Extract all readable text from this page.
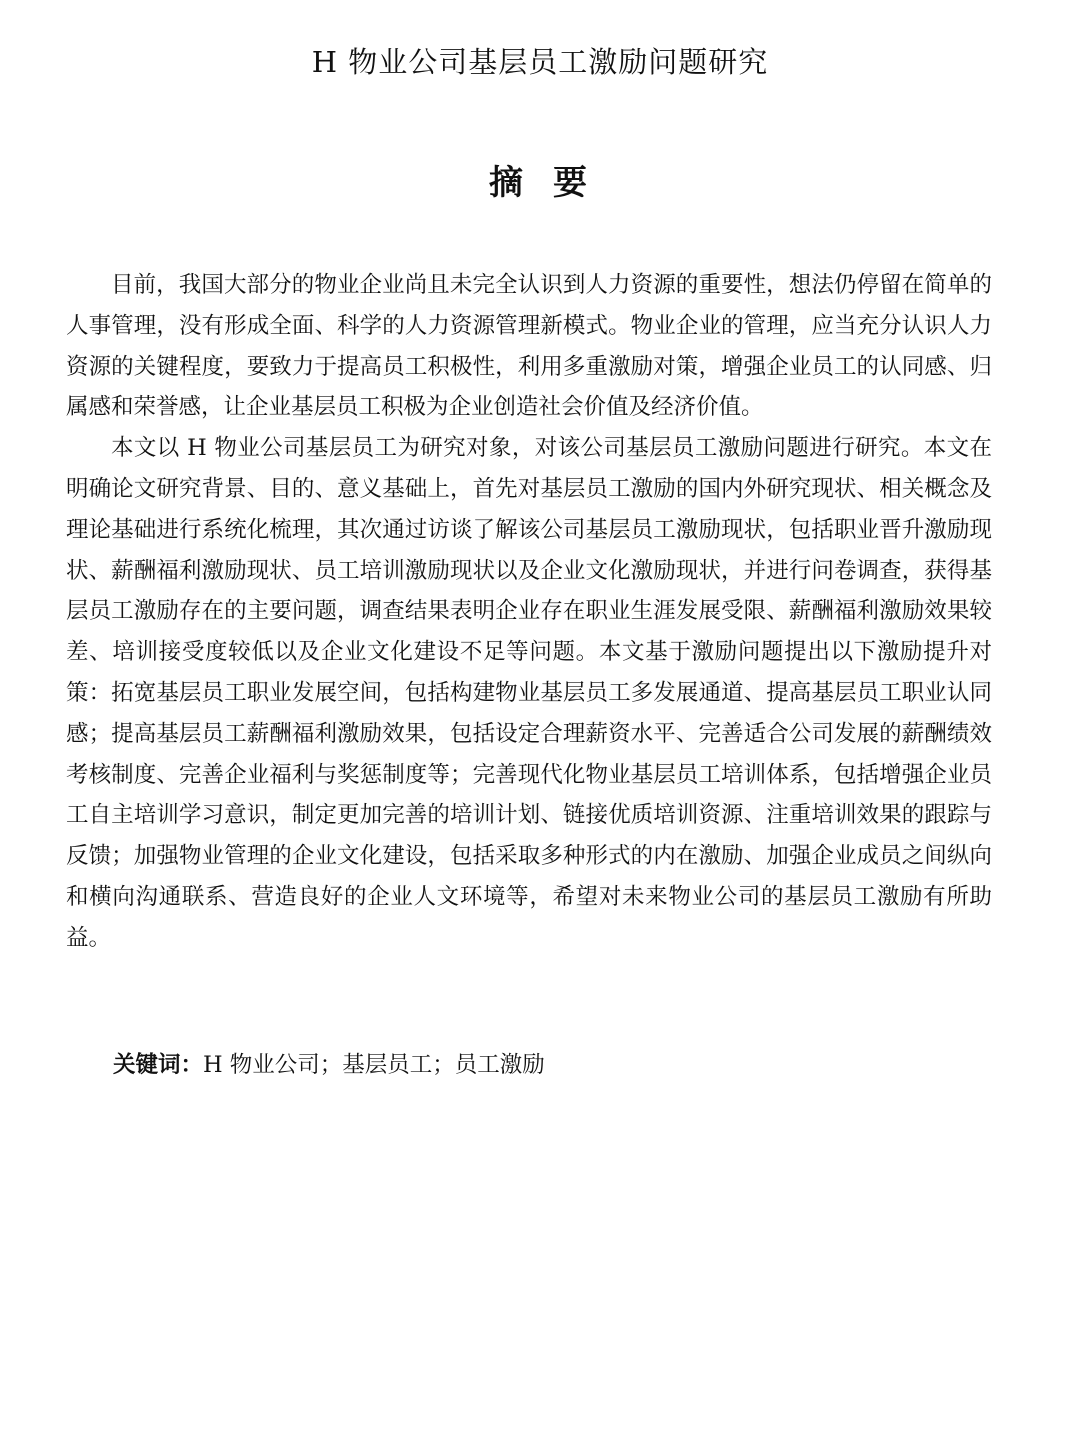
H 物业公司基层员工激励问题研究
摘 要

目前，我国大部分的物业企业尚且未完全认识到人力资源的重要性，想法仍停留在简单的人事管理，没有形成全面、科学的人力资源管理新模式。物业企业的管理，应当充分认识人力资源的关键程度，要致力于提高员工积极性，利用多重激励对策，增强企业员工的认同感、归属感和荣誉感，让企业基层员工积极为企业创造社会价值及经济价值。

本文以 H 物业公司基层员工为研究对象，对该公司基层员工激励问题进行研究。本文在明确论文研究背景、目的、意义基础上，首先对基层员工激励的国内外研究现状、相关概念及理论基础进行系统化梳理，其次通过访谈了解该公司基层员工激励现状，包括职业晋升激励现状、薪酬福利激励现状、员工培训激励现状以及企业文化激励现状，并进行问卷调查，获得基层员工激励存在的主要问题，调查结果表明企业存在职业生涯发展受限、薪酬福利激励效果较差、培训接受度较低以及企业文化建设不足等问题。本文基于激励问题提出以下激励提升对策：拓宽基层员工职业发展空间，包括构建物业基层员工多发展通道、提高基层员工职业认同感；提高基层员工薪酬福利激励效果，包括设定合理薪资水平、完善适合公司发展的薪酬绩效考核制度、完善企业福利与奖惩制度等；完善现代化物业基层员工培训体系，包括增强企业员工自主培训学习意识，制定更加完善的培训计划、链接优质培训资源、注重培训效果的跟踪与反馈；加强物业管理的企业文化建设，包括采取多种形式的内在激励、加强企业成员之间纵向和横向沟通联系、营造良好的企业人文环境等，希望对未来物业公司的基层员工激励有所助益。

关键词：H 物业公司；基层员工；员工激励
